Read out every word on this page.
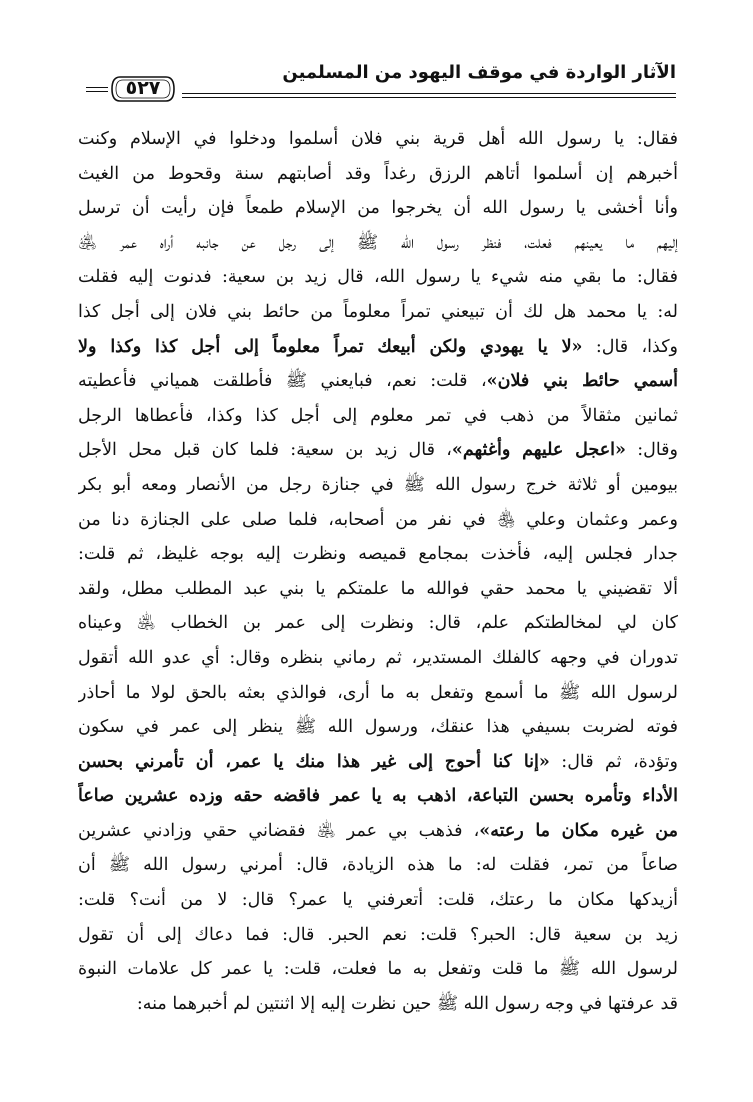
الآثار الواردة في موقف اليهود من المسلمين
٥٢٧
فقال: يا رسول الله أهل قرية بني فلان أسلموا ودخلوا في الإسلام وكنت
أخبرهم إن أسلموا أتاهم الرزق رغداً وقد أصابتهم سنة وقحوط من الغيث
وأنا أخشى يا رسول الله أن يخرجوا من الإسلام طمعاً فإن رأيت أن ترسل
إليهم ما يعينهم فعلت، فنظر رسول الله ﷺ إلى رجل عن جانبه أراه عمر ﵁
فقال: ما بقي منه شيء يا رسول الله، قال زيد بن سعية: فدنوت إليه فقلت
له: يا محمد هل لك أن تبيعني تمراً معلوماً من حائط بني فلان إلى أجل كذا
وكذا، قال: «لا يا يهودي ولكن أبيعك تمراً معلوماً إلى أجل كذا وكذا ولا
أسمي حائط بني فلان»، قلت: نعم، فبايعني ﷺ فأطلقت همياني فأعطيته
ثمانين مثقالاً من ذهب في تمر معلوم إلى أجل كذا وكذا، فأعطاها الرجل
وقال: «اعجل عليهم وأغثهم»، قال زيد بن سعية: فلما كان قبل محل الأجل
بيومين أو ثلاثة خرج رسول الله ﷺ في جنازة رجل من الأنصار ومعه أبو بكر
وعمر وعثمان وعلي ﵃ في نفر من أصحابه، فلما صلى على الجنازة دنا من
جدار فجلس إليه، فأخذت بمجامع قميصه ونظرت إليه بوجه غليظ، ثم قلت:
ألا تقضيني يا محمد حقي فوالله ما علمتكم يا بني عبد المطلب مطل، ولقد
كان لي لمخالطتكم علم، قال: ونظرت إلى عمر بن الخطاب ﵁ وعيناه
تدوران في وجهه كالفلك المستدير، ثم رماني بنظره وقال: أي عدو الله أتقول
لرسول الله ﷺ ما أسمع وتفعل به ما أرى، فوالذي بعثه بالحق لولا ما أحاذر
فوته لضربت بسيفي هذا عنقك، ورسول الله ﷺ ينظر إلى عمر في سكون
وتؤدة، ثم قال: «إنا كنا أحوج إلى غير هذا منك يا عمر، أن تأمرني بحسن
الأداء وتأمره بحسن التباعة، اذهب به يا عمر فاقضه حقه وزده عشرين صاعاً
من غيره مكان ما رعته»، فذهب بي عمر ﵁ فقضاني حقي وزادني عشرين
صاعاً من تمر، فقلت له: ما هذه الزيادة، قال: أمرني رسول الله ﷺ أن
أزيدكها مكان ما رعتك، قلت: أتعرفني يا عمر؟ قال: لا من أنت؟ قلت:
زيد بن سعية قال: الحبر؟ قلت: نعم الحبر. قال: فما دعاك إلى أن تقول
لرسول الله ﷺ ما قلت وتفعل به ما فعلت، قلت: يا عمر كل علامات النبوة
قد عرفتها في وجه رسول الله ﷺ حين نظرت إليه إلا اثنتين لم أخبرهما منه:
